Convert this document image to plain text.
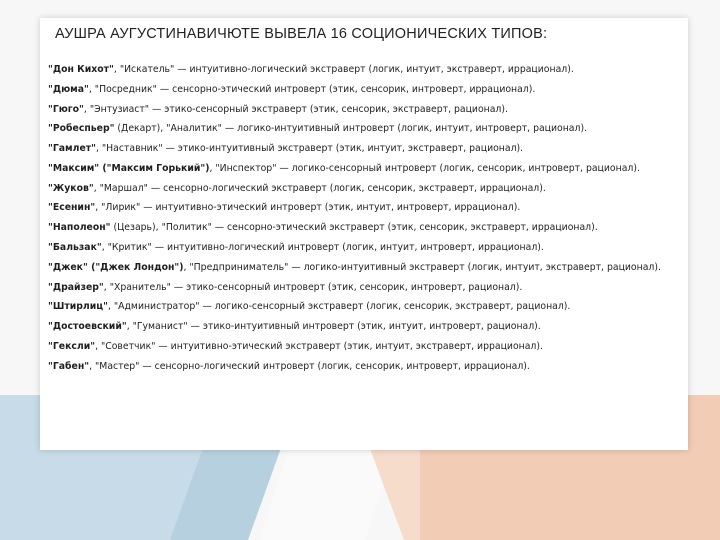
АУШРА АУГУСТИНАВИЧЮТЕ ВЫВЕЛА 16 СОЦИОНИЧЕСКИХ ТИПОВ:
"Дон Кихот", "Искатель" — интуитивно-логический экстраверт (логик, интуит, экстраверт, иррационал).
"Дюма", "Посредник" — сенсорно-этический интроверт (этик, сенсорик, интроверт, иррационал).
"Гюго", "Энтузиаст" — этико-сенсорный экстраверт (этик, сенсорик, экстраверт, рационал).
"Робеспьер" (Декарт), "Аналитик" — логико-интуитивный интроверт (логик, интуит, интроверт, рационал).
"Гамлет", "Наставник" — этико-интуитивный экстраверт (этик, интуит, экстраверт, рационал).
"Максим" ("Максим Горький"), "Инспектор" — логико-сенсорный интроверт (логик, сенсорик, интроверт, рационал).
"Жуков", "Маршал" — сенсорно-логический экстраверт (логик, сенсорик, экстраверт, иррационал).
"Есенин", "Лирик" — интуитивно-этический интроверт (этик, интуит, интроверт, иррационал).
"Наполеон" (Цезарь), "Политик" — сенсорно-этический экстраверт (этик, сенсорик, экстраверт, иррационал).
"Бальзак", "Критик" — интуитивно-логический интроверт (логик, интуит, интроверт, иррационал).
"Джек" ("Джек Лондон"), "Предприниматель" — логико-интуитивный экстраверт (логик, интуит, экстраверт, рационал).
"Драйзер", "Хранитель" — этико-сенсорный интроверт (этик, сенсорик, интроверт, рационал).
"Штирлиц", "Администратор" — логико-сенсорный экстраверт (логик, сенсорик, экстраверт, рационал).
"Достоевский", "Гуманист" — этико-интуитивный интроверт (этик, интуит, интроверт, рационал).
"Гексли", "Советчик" — интуитивно-этический экстраверт (этик, интуит, экстраверт, иррационал).
"Габен", "Мастер" — сенсорно-логический интроверт (логик, сенсорик, интроверт, иррационал).
